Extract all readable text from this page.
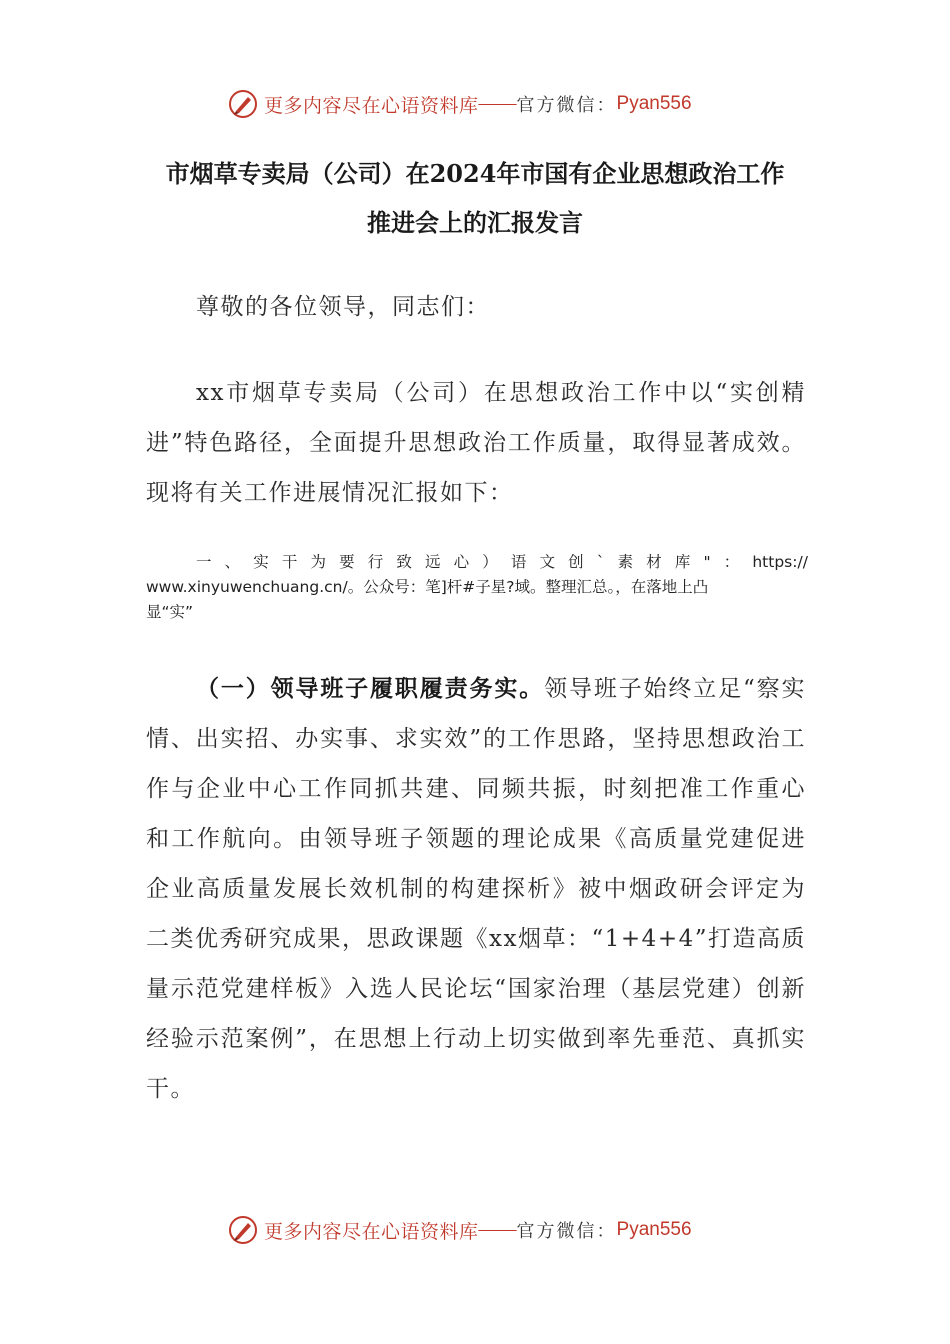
更多内容尽在心语资料库 —— 官方微信： Pyan556
市烟草专卖局（公司）在2024年市国有企业思想政治工作
推进会上的汇报发言
尊敬的各位领导，同志们：
xx市烟草专卖局（公司）在思想政治工作中以“实创精进”特色路径，全面提升思想政治工作质量，取得显著成效。现将有关工作进展情况汇报如下：
一 、 实 干 为 要 行 致 远 心 ） 语 文 创 ` 素 材 库 " ： https://
www.xinyuwenchuang.cn/。公众号：笔]杆#子星?域。整理汇总。，在落地上凸
显“实”
（一）领导班子履职履责务实。领导班子始终立足“察实情、出实招、办实事、求实效”的工作思路，坚持思想政治工作与企业中心工作同抓共建、同频共振，时刻把准工作重心和工作航向。由领导班子领题的理论成果《高质量党建促进企业高质量发展长效机制的构建探析》被中烟政研会评定为二类优秀研究成果，思政课题《xx烟草：“1+4+4”打造高质量示范党建样板》入选人民论坛“国家治理（基层党建）创新经验示范案例”，在思想上行动上切实做到率先垂范、真抓实干。
更多内容尽在心语资料库 —— 官方微信： Pyan556
